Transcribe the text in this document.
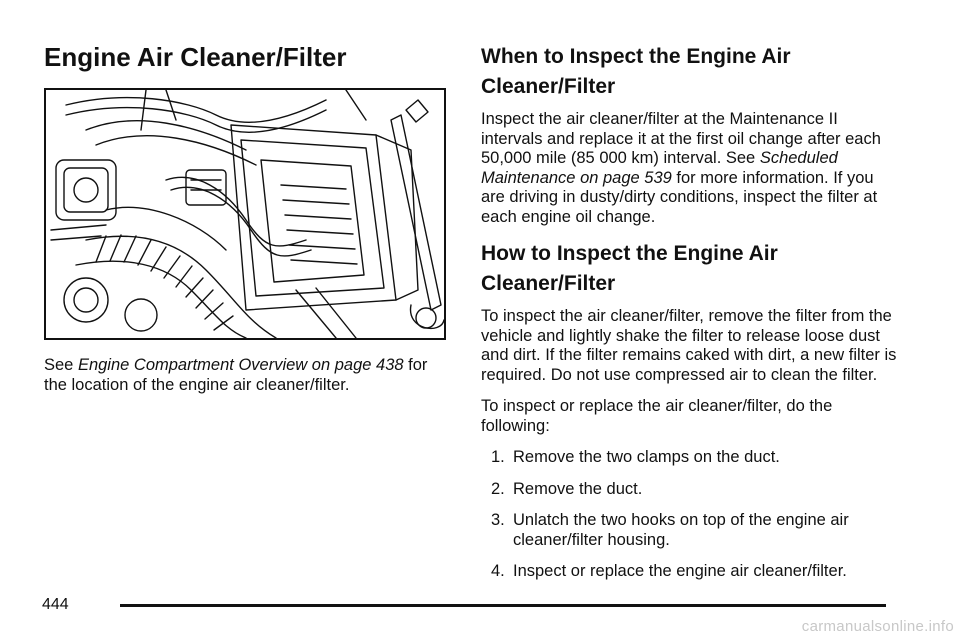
Engine Air Cleaner/Filter

See Engine Compartment Overview on page 438 for the location of the engine air cleaner/filter.

When to Inspect the Engine Air Cleaner/Filter

Inspect the air cleaner/filter at the Maintenance II intervals and replace it at the first oil change after each 50,000 mile (85 000 km) interval. See Scheduled Maintenance on page 539 for more information. If you are driving in dusty/dirty conditions, inspect the filter at each engine oil change.

How to Inspect the Engine Air Cleaner/Filter

To inspect the air cleaner/filter, remove the filter from the vehicle and lightly shake the filter to release loose dust and dirt. If the filter remains caked with dirt, a new filter is required. Do not use compressed air to clean the filter.

To inspect or replace the air cleaner/filter, do the following:

1. Remove the two clamps on the duct.
2. Remove the duct.
3. Unlatch the two hooks on top of the engine air cleaner/filter housing.
4. Inspect or replace the engine air cleaner/filter.
444
carmanualsonline.info
